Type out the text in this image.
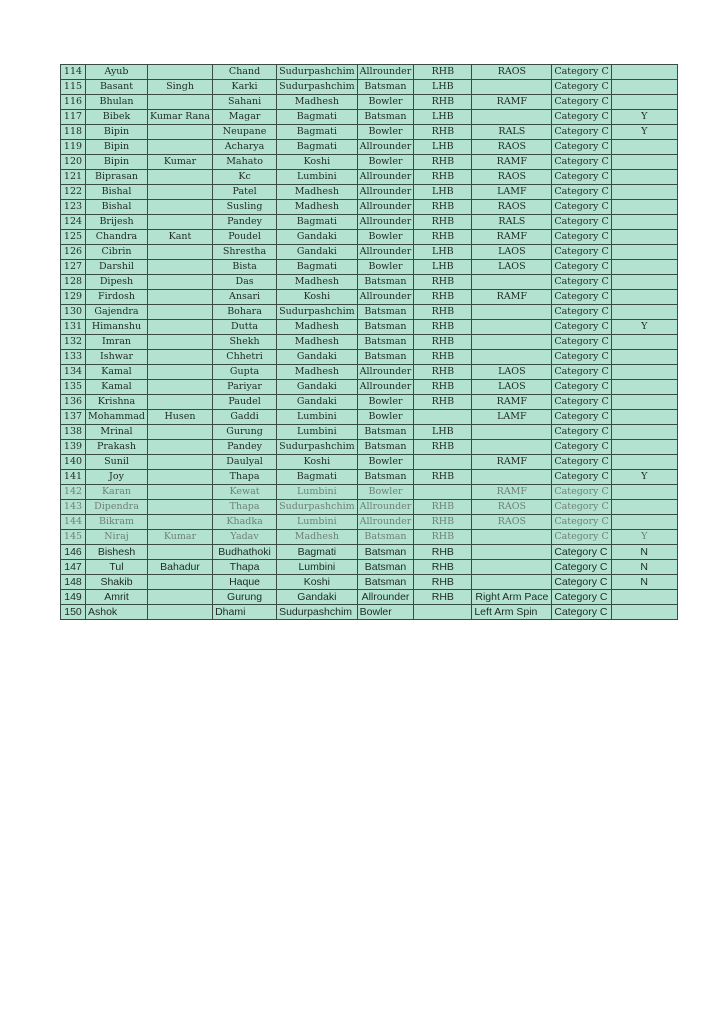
114	Ayub		Chand	Sudurpashchim	Allrounder	RHB	RAOS	Category C	
115	Basant	Singh	Karki	Sudurpashchim	Batsman	LHB		Category C	
116	Bhulan		Sahani	Madhesh	Bowler	RHB	RAMF	Category C	
117	Bibek	Kumar Rana	Magar	Bagmati	Batsman	LHB		Category C	Y
118	Bipin		Neupane	Bagmati	Bowler	RHB	RALS	Category C	Y
119	Bipin		Acharya	Bagmati	Allrounder	LHB	RAOS	Category C	
120	Bipin	Kumar	Mahato	Koshi	Bowler	RHB	RAMF	Category C	
121	Biprasan		Kc	Lumbini	Allrounder	RHB	RAOS	Category C	
122	Bishal		Patel	Madhesh	Allrounder	LHB	LAMF	Category C	
123	Bishal		Susling	Madhesh	Allrounder	RHB	RAOS	Category C	
124	Brijesh		Pandey	Bagmati	Allrounder	RHB	RALS	Category C	
125	Chandra	Kant	Poudel	Gandaki	Bowler	RHB	RAMF	Category C	
126	Cibrin		Shrestha	Gandaki	Allrounder	LHB	LAOS	Category C	
127	Darshil		Bista	Bagmati	Bowler	LHB	LAOS	Category C	
128	Dipesh		Das	Madhesh	Batsman	RHB		Category C	
129	Firdosh		Ansari	Koshi	Allrounder	RHB	RAMF	Category C	
130	Gajendra		Bohara	Sudurpashchim	Batsman	RHB		Category C	
131	Himanshu		Dutta	Madhesh	Batsman	RHB		Category C	Y
132	Imran		Shekh	Madhesh	Batsman	RHB		Category C	
133	Ishwar		Chhetri	Gandaki	Batsman	RHB		Category C	
134	Kamal		Gupta	Madhesh	Allrounder	RHB	LAOS	Category C	
135	Kamal		Pariyar	Gandaki	Allrounder	RHB	LAOS	Category C	
136	Krishna		Paudel	Gandaki	Bowler	RHB	RAMF	Category C	
137	Mohammad	Husen	Gaddi	Lumbini	Bowler		LAMF	Category C	
138	Mrinal		Gurung	Lumbini	Batsman	LHB		Category C	
139	Prakash		Pandey	Sudurpashchim	Batsman	RHB		Category C	
140	Sunil		Daulyal	Koshi	Bowler		RAMF	Category C	
141	Joy		Thapa	Bagmati	Batsman	RHB		Category C	Y
142	Karan		Kewat	Lumbini	Bowler		RAMF	Category C	
143	Dipendra		Thapa	Sudurpashchim	Allrounder	RHB	RAOS	Category C	
144	Bikram		Khadka	Lumbini	Allrounder	RHB	RAOS	Category C	
145	Niraj	Kumar	Yadav	Madhesh	Batsman	RHB		Category C	Y
146	Bishesh		Budhathoki	Bagmati	Batsman	RHB		Category C	N
147	Tul	Bahadur	Thapa	Lumbini	Batsman	RHB		Category C	N
148	Shakib		Haque	Koshi	Batsman	RHB		Category C	N
149	Amrit		Gurung	Gandaki	Allrounder	RHB	Right Arm Pace	Category C	
150	Ashok		Dhami	Sudurpashchim	Bowler		Left Arm Spin	Category C	
